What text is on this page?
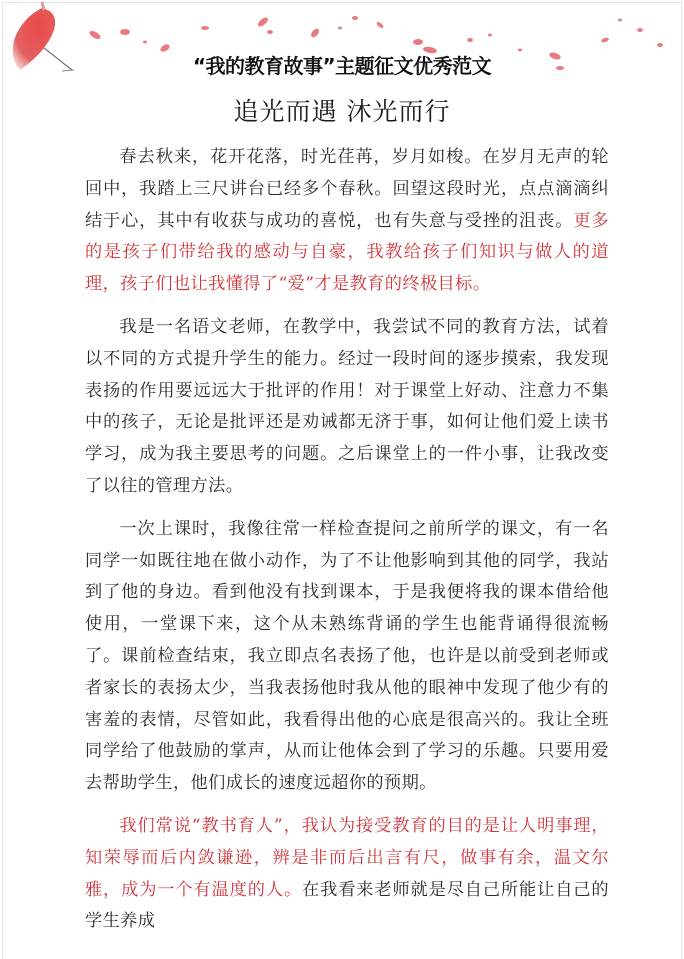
“我的教育故事”主题征文优秀范文
追光而遇 沐光而行

春去秋来，花开花落，时光荏苒，岁月如梭。在岁月无声的轮回中，我踏上三尺讲台已经多个春秋。回望这段时光，点点滴滴纠结于心，其中有收获与成功的喜悦，也有失意与受挫的沮丧。更多的是孩子们带给我的感动与自豪，我教给孩子们知识与做人的道理，孩子们也让我懂得了“爱”才是教育的终极目标。

我是一名语文老师，在教学中，我尝试不同的教育方法，试着以不同的方式提升学生的能力。经过一段时间的逐步摸索，我发现表扬的作用要远远大于批评的作用！对于课堂上好动、注意力不集中的孩子，无论是批评还是劝诫都无济于事，如何让他们爱上读书学习，成为我主要思考的问题。之后课堂上的一件小事，让我改变了以往的管理方法。

一次上课时，我像往常一样检查提问之前所学的课文，有一名同学一如既往地在做小动作，为了不让他影响到其他的同学，我站到了他的身边。看到他没有找到课本，于是我便将我的课本借给他使用，一堂课下来，这个从未熟练背诵的学生也能背诵得很流畅了。课前检查结束，我立即点名表扬了他，也许是以前受到老师或者家长的表扬太少，当我表扬他时我从他的眼神中发现了他少有的害羞的表情，尽管如此，我看得出他的心底是很高兴的。我让全班同学给了他鼓励的掌声，从而让他体会到了学习的乐趣。只要用爱去帮助学生，他们成长的速度远超你的预期。

我们常说“教书育人”，我认为接受教育的目的是让人明事理，知荣辱而后内敛谦逊，辨是非而后出言有尺，做事有余，温文尔雅，成为一个有温度的人。在我看来老师就是尽自己所能让自己的学生养成
